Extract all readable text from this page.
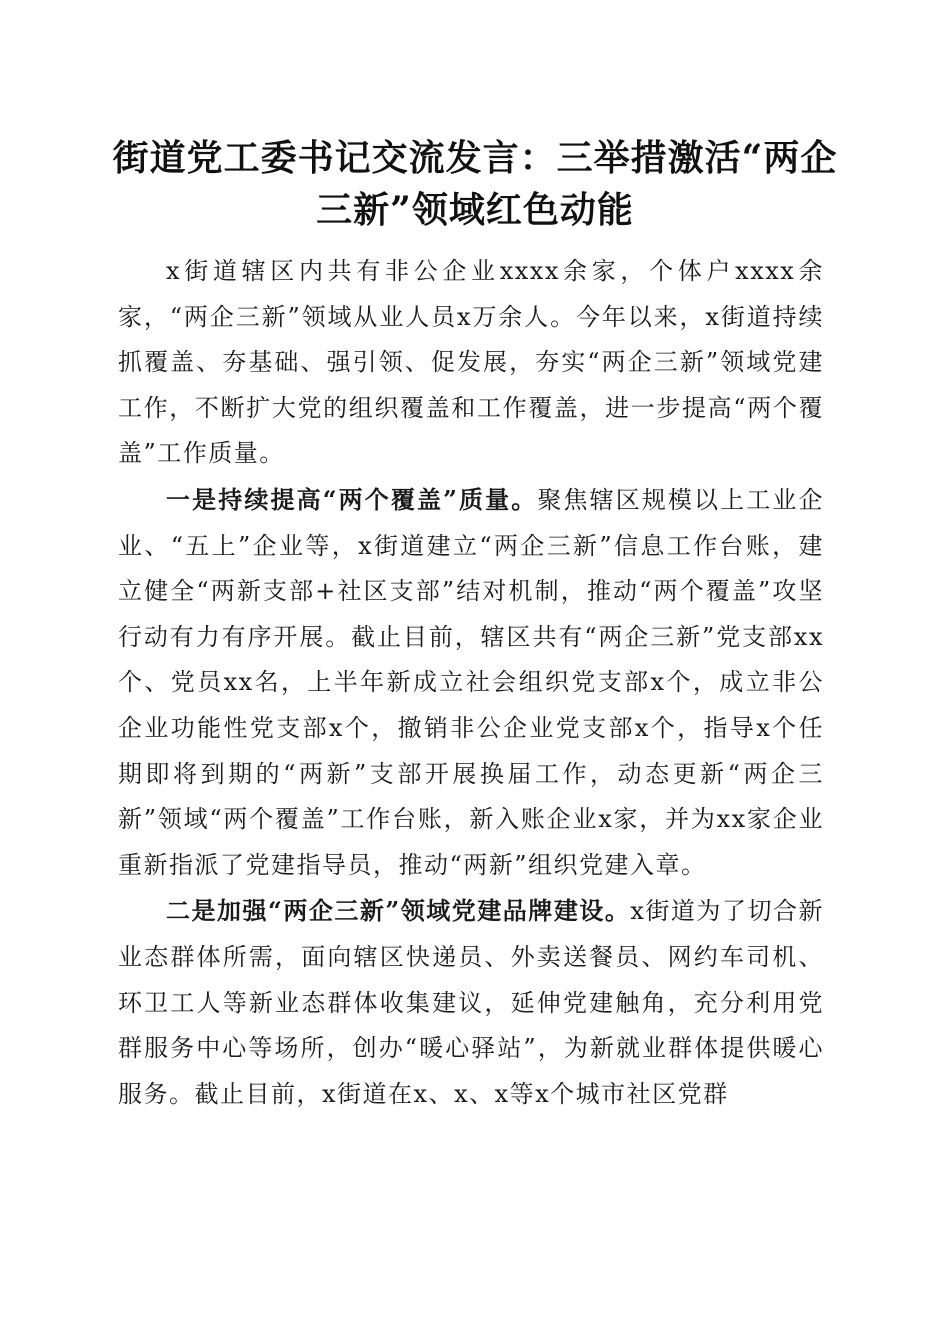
街道党工委书记交流发言：三举措激活“两企
三新”领域红色动能

x街道辖区内共有非公企业xxxx余家，个体户xxxx余家，“两企三新”领域从业人员x万余人。今年以来，x街道持续抓覆盖、夯基础、强引领、促发展，夯实“两企三新”领域党建工作，不断扩大党的组织覆盖和工作覆盖，进一步提高“两个覆盖”工作质量。

一是持续提高“两个覆盖”质量。聚焦辖区规模以上工业企业、“五上”企业等，x街道建立“两企三新”信息工作台账，建立健全“两新支部+社区支部”结对机制，推动“两个覆盖”攻坚行动有力有序开展。截止目前，辖区共有“两企三新”党支部xx个、党员xx名，上半年新成立社会组织党支部x个，成立非公企业功能性党支部x个，撤销非公企业党支部x个，指导x个任期即将到期的“两新”支部开展换届工作，动态更新“两企三新”领域“两个覆盖”工作台账，新入账企业x家，并为xx家企业重新指派了党建指导员，推动“两新”组织党建入章。

二是加强“两企三新”领域党建品牌建设。x街道为了切合新业态群体所需，面向辖区快递员、外卖送餐员、网约车司机、环卫工人等新业态群体收集建议，延伸党建触角，充分利用党群服务中心等场所，创办“暖心驿站”，为新就业群体提供暖心服务。截止目前，x街道在x、x、x等x个城市社区党群
